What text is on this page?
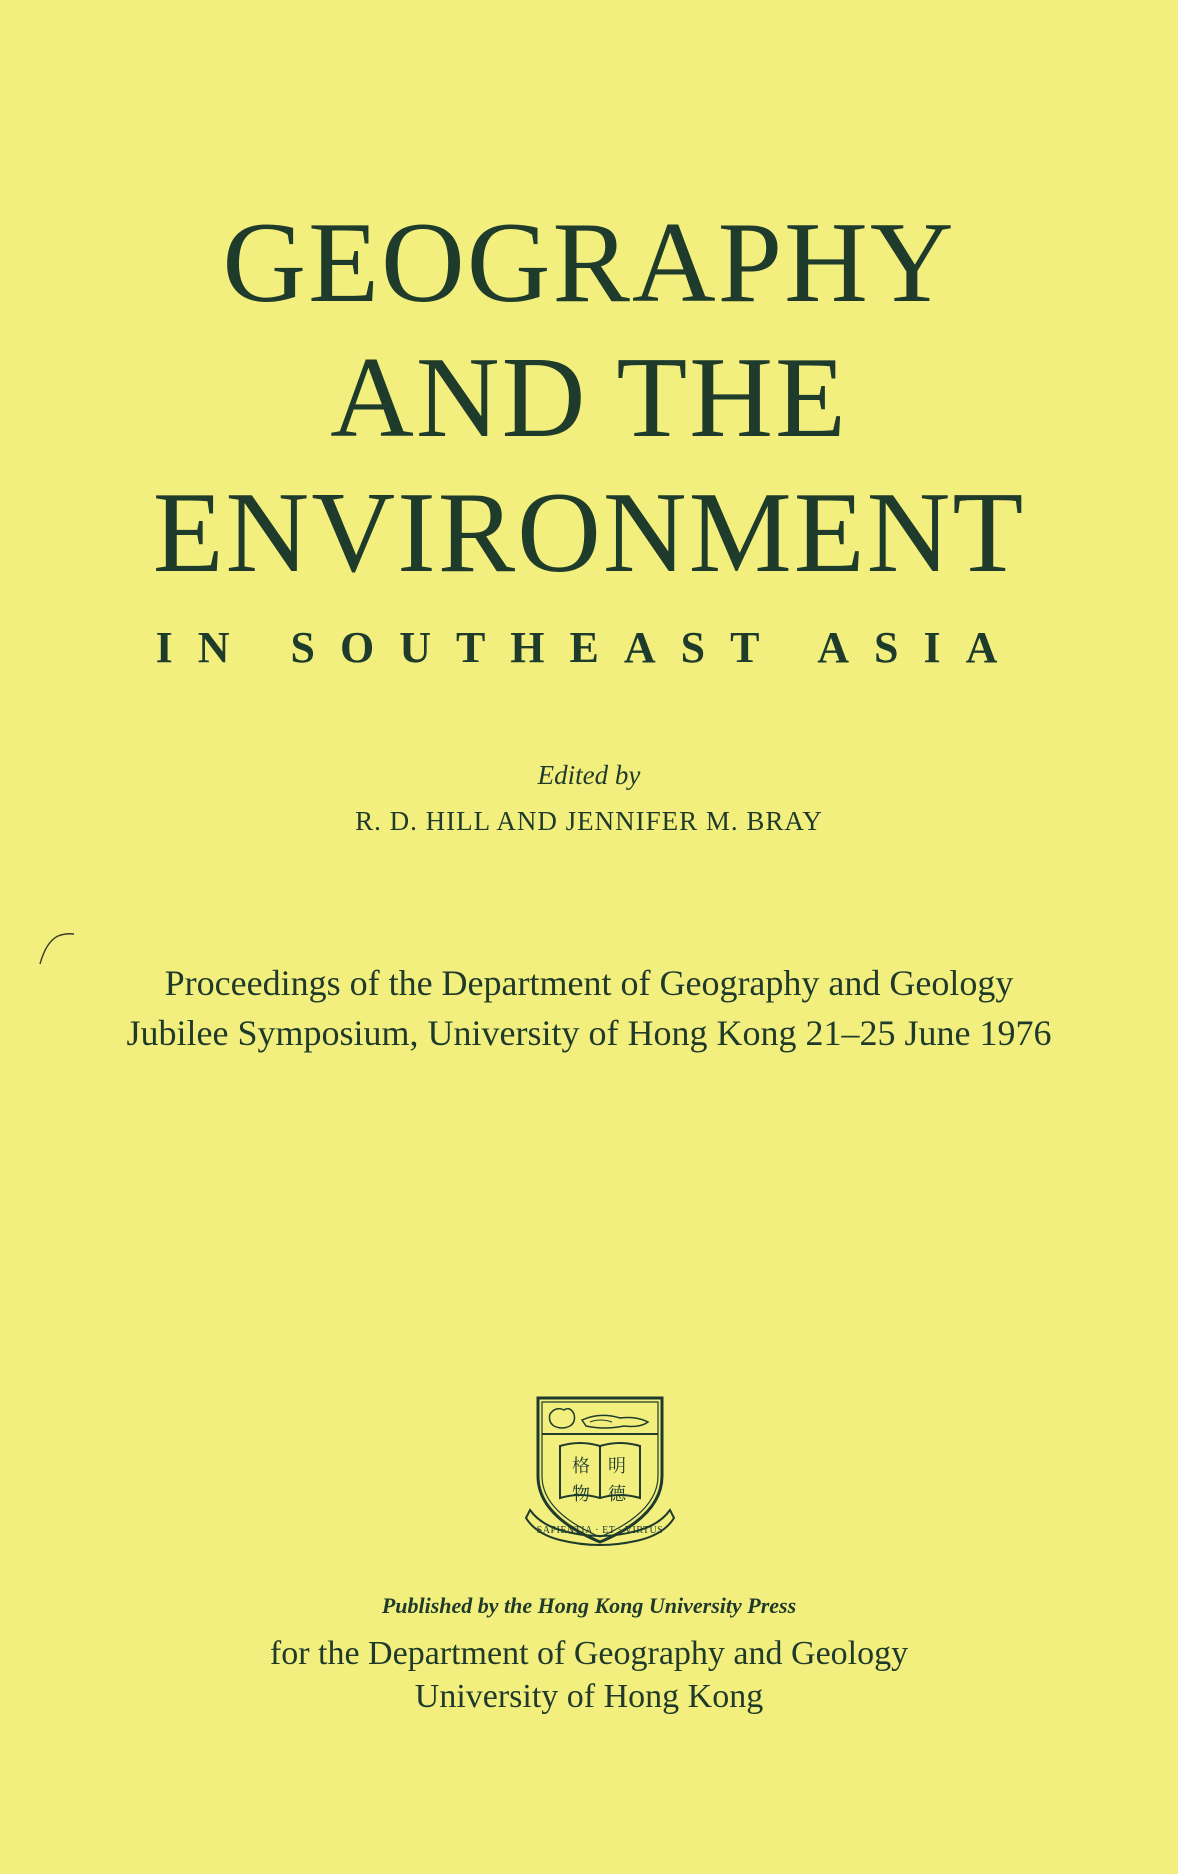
GEOGRAPHY
AND THE
ENVIRONMENT
IN SOUTHEAST ASIA
Edited by
R. D. HILL AND JENNIFER M. BRAY
Proceedings of the Department of Geography and Geology
Jubilee Symposium, University of Hong Kong 21–25 June 1976
格	明
物	德
SAPIENTIA · ET · VIRTUS
Published by the Hong Kong University Press
for the Department of Geography and Geology
University of Hong Kong
